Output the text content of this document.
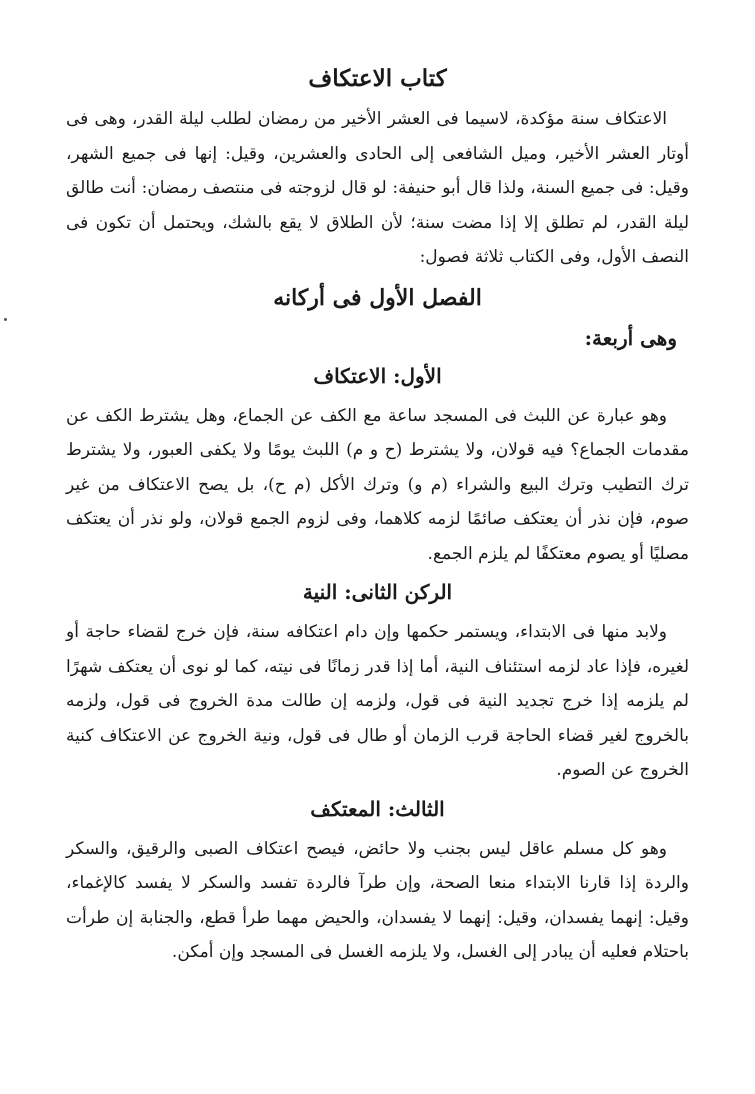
كتاب الاعتكاف

الاعتكاف سنة مؤكدة، لاسيما فى العشر الأخير من رمضان لطلب ليلة القدر، وهى فى أوتار العشر الأخير، وميل الشافعى إلى الحادى والعشرين، وقيل: إنها فى جميع الشهر، وقيل: فى جميع السنة، ولذا قال أبو حنيفة: لو قال لزوجته فى منتصف رمضان: أنت طالق ليلة القدر، لم تطلق إلا إذا مضت سنة؛ لأن الطلاق لا يقع بالشك، ويحتمل أن تكون فى النصف الأول، وفى الكتاب ثلاثة فصول:

الفصل الأول فى أركانه
وهى أربعة:
الأول: الاعتكاف

وهو عبارة عن اللبث فى المسجد ساعة مع الكف عن الجماع، وهل يشترط الكف عن مقدمات الجماع؟ فيه قولان، ولا يشترط (ح و م) اللبث يومًا ولا يكفى العبور، ولا يشترط ترك التطيب وترك البيع والشراء (م و) وترك الأكل (م ح)، بل يصح الاعتكاف من غير صوم، فإن نذر أن يعتكف صائمًا لزمه كلاهما، وفى لزوم الجمع قولان، ولو نذر أن يعتكف مصليًا أو يصوم معتكفًا لم يلزم الجمع.

الركن الثانى: النية

ولابد منها فى الابتداء، ويستمر حكمها وإن دام اعتكافه سنة، فإن خرج لقضاء حاجة أو لغيره، فإذا عاد لزمه استئناف النية، أما إذا قدر زمانًا فى نيته، كما لو نوى أن يعتكف شهرًا لم يلزمه إذا خرج تجديد النية فى قول، ولزمه إن طالت مدة الخروج فى قول، ولزمه بالخروج لغير قضاء الحاجة قرب الزمان أو طال فى قول، ونية الخروج عن الاعتكاف كنية الخروج عن الصوم.

الثالث: المعتكف

وهو كل مسلم عاقل ليس بجنب ولا حائض، فيصح اعتكاف الصبى والرقيق، والسكر والردة إذا قارنا الابتداء منعا الصحة، وإن طرآ فالردة تفسد والسكر لا يفسد كالإغماء، وقيل: إنهما يفسدان، وقيل: إنهما لا يفسدان، والحيض مهما طرأ قطع، والجنابة إن طرأت باحتلام فعليه أن يبادر إلى الغسل، ولا يلزمه الغسل فى المسجد وإن أمكن.
